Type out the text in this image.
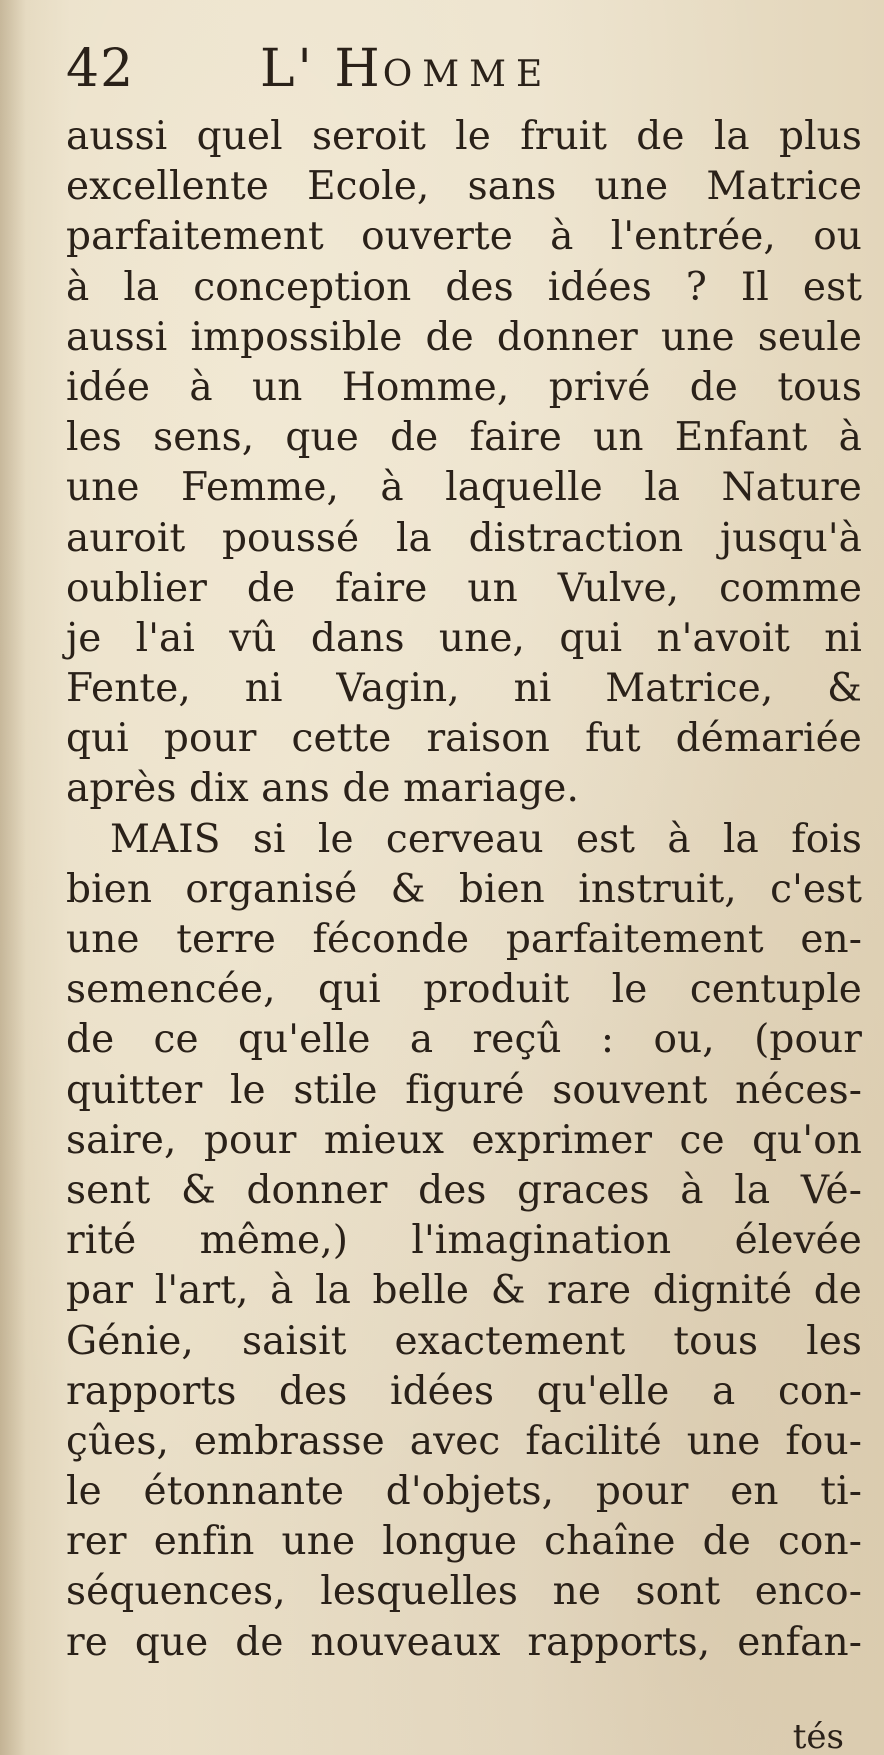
42 L' HOMME
aussi quel seroit le fruit de la plus
excellente Ecole, sans une Matrice
parfaitement ouverte à l'entrée, ou
à la conception des idées ? Il est
aussi impossible de donner une seule
idée à un Homme, privé de tous
les sens, que de faire un Enfant à
une Femme, à laquelle la Nature
auroit poussé la distraction jusqu'à
oublier de faire un Vulve, comme
je l'ai vû dans une, qui n'avoit ni
Fente, ni Vagin, ni Matrice, &
qui pour cette raison fut démariée
après dix ans de mariage.
MAIS si le cerveau est à la fois
bien organisé & bien instruit, c'est
une terre féconde parfaitement en-
semencée, qui produit le centuple
de ce qu'elle a reçû : ou, (pour
quitter le stile figuré souvent néces-
saire, pour mieux exprimer ce qu'on
sent & donner des graces à la Vé-
rité même,) l'imagination élevée
par l'art, à la belle & rare dignité de
Génie, saisit exactement tous les
rapports des idées qu'elle a con-
çûes, embrasse avec facilité une fou-
le étonnante d'objets, pour en ti-
rer enfin une longue chaîne de con-
séquences, lesquelles ne sont enco-
re que de nouveaux rapports, enfan-
tés
